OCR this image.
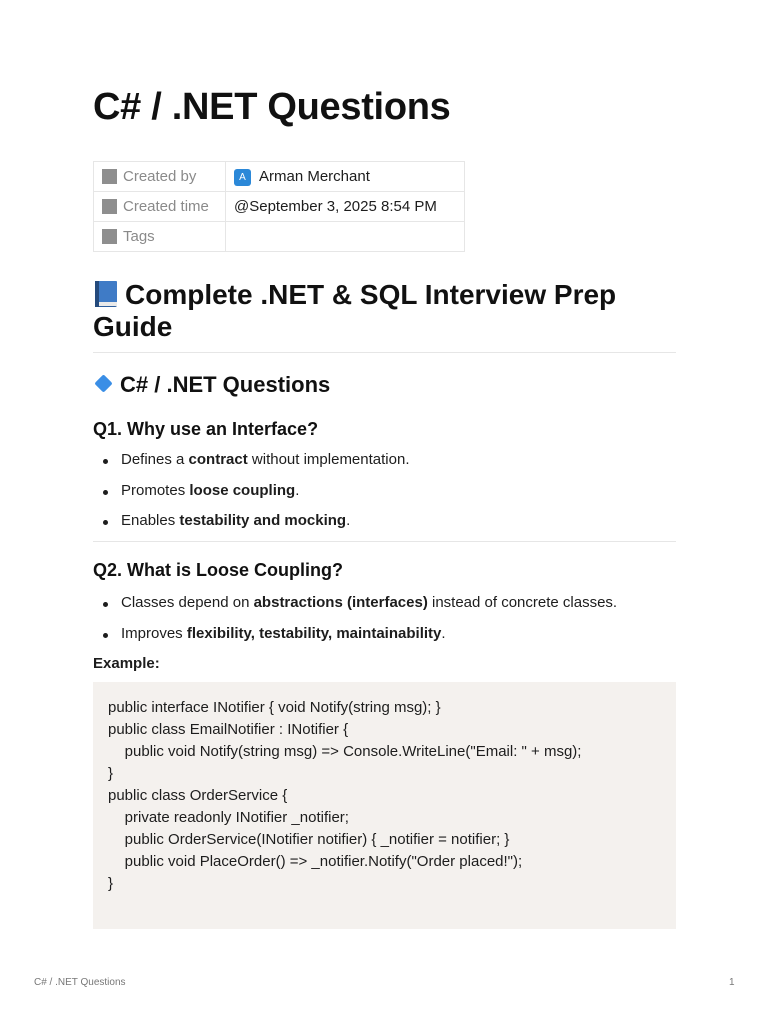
C# / .NET Questions
Created by	A Arman Merchant
Created time	@September 3, 2025 8:54 PM
Tags	
Complete .NET & SQL Interview Prep Guide
C# / .NET Questions
Q1. Why use an Interface?
Defines a contract without implementation.
Promotes loose coupling.
Enables testability and mocking.
Q2. What is Loose Coupling?
Classes depend on abstractions (interfaces) instead of concrete classes.
Improves flexibility, testability, maintainability.
Example:
public interface INotifier { void Notify(string msg); }
public class EmailNotifier : INotifier {
public void Notify(string msg) => Console.WriteLine("Email: " + msg);
}
public class OrderService {
private readonly INotifier _notifier;
public OrderService(INotifier notifier) { _notifier = notifier; }
public void PlaceOrder() => _notifier.Notify("Order placed!");
}
C# / .NET Questions	1
